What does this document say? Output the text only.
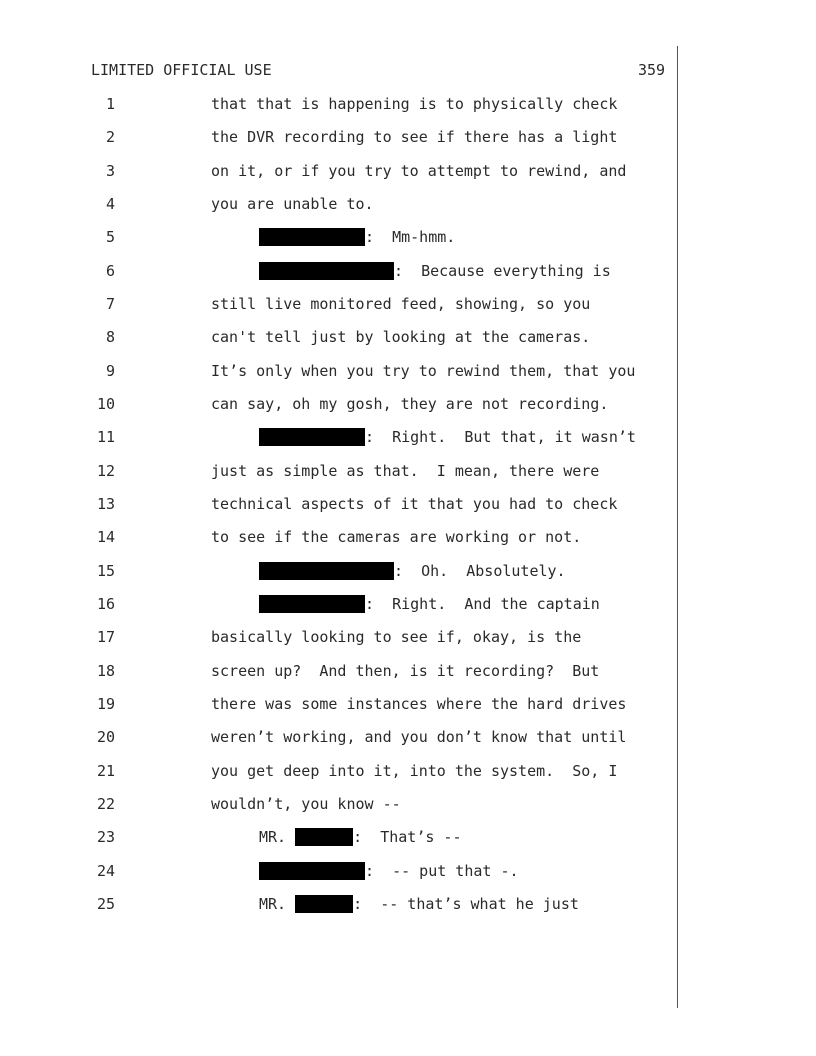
LIMITED OFFICIAL USE	359
1	that that is happening is to physically check
2	the DVR recording to see if there has a light
3	on it, or if you try to attempt to rewind, and
4	you are unable to.
5	:  Mm-hmm.
6	:  Because everything is
7	still live monitored feed, showing, so you
8	can't tell just by looking at the cameras.
9	It’s only when you try to rewind them, that you
10	can say, oh my gosh, they are not recording.
11	:  Right.  But that, it wasn’t
12	just as simple as that.  I mean, there were
13	technical aspects of it that you had to check
14	to see if the cameras are working or not.
15	:  Oh.  Absolutely.
16	:  Right.  And the captain
17	basically looking to see if, okay, is the
18	screen up?  And then, is it recording?  But
19	there was some instances where the hard drives
20	weren’t working, and you don’t know that until
21	you get deep into it, into the system.  So, I
22	wouldn’t, you know --
23	MR.	:  That’s --
24	:  -- put that -.
25	MR.	:  -- that’s what he just
